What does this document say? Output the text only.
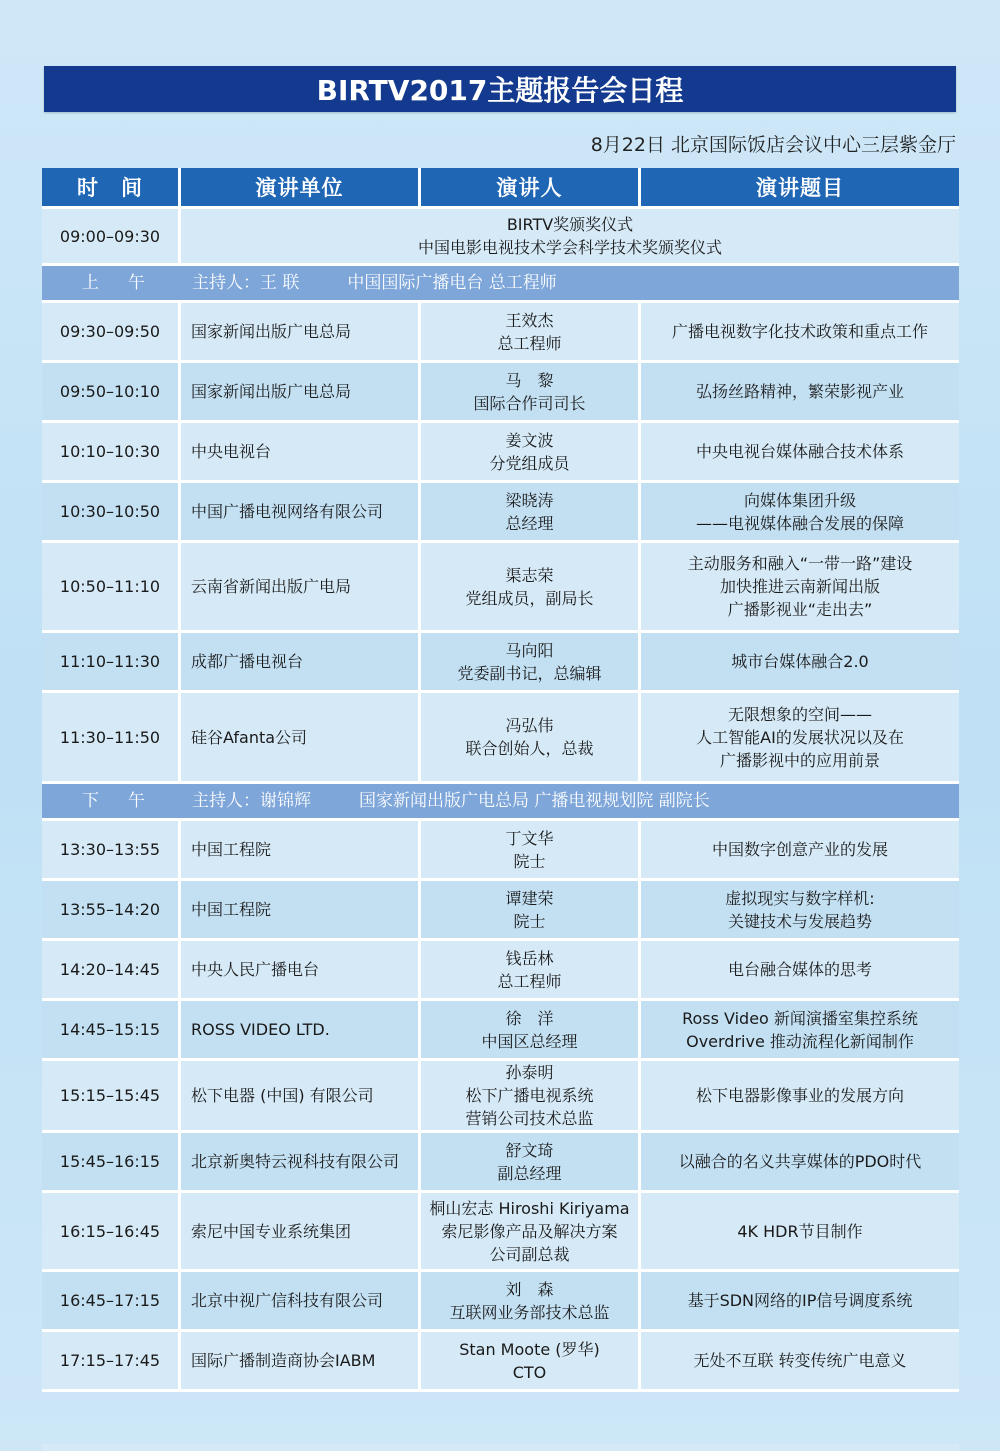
BIRTV2017主题报告会日程
8月22日 北京国际饭店会议中心三层紫金厅
时　间	演讲单位	演讲人	演讲题目
09:00–09:30	BIRTV奖颁奖仪式
中国电影电视技术学会科学技术奖颁奖仪式		

上　午 主持人：王 联 中国国际广播电台 总工程师			
09:30–09:50	国家新闻出版广电总局	王效杰
总工程师	广播电视数字化技术政策和重点工作

09:50–10:10	国家新闻出版广电总局	马　黎
国际合作司司长	弘扬丝路精神，繁荣影视产业

10:10–10:30	中央电视台	姜文波
分党组成员	中央电视台媒体融合技术体系

10:30–10:50	中国广播电视网络有限公司	梁晓涛
总经理	向媒体集团升级
——电视媒体融合发展的保障

10:50–11:10	云南省新闻出版广电局	渠志荣
党组成员，副局长	主动服务和融入“一带一路”建设
加快推进云南新闻出版
广播影视业“走出去”

11:10–11:30	成都广播电视台	马向阳
党委副书记，总编辑	城市台媒体融合2.0

11:30–11:50	硅谷Afanta公司	冯弘伟
联合创始人，总裁	无限想象的空间——
人工智能AI的发展状况以及在
广播影视中的应用前景

下　午 主持人：谢锦辉 国家新闻出版广电总局 广播电视规划院 副院长			
13:30–13:55	中国工程院	丁文华
院士	中国数字创意产业的发展

13:55–14:20	中国工程院	谭建荣
院士	虚拟现实与数字样机:
关键技术与发展趋势

14:20–14:45	中央人民广播电台	钱岳林
总工程师	电台融合媒体的思考

14:45–15:15	ROSS VIDEO LTD.	徐　洋
中国区总经理	Ross Video 新闻演播室集控系统
Overdrive 推动流程化新闻制作

15:15–15:45	松下电器 (中国) 有限公司	孙泰明
松下广播电视系统
营销公司技术总监	松下电器影像事业的发展方向

15:45–16:15	北京新奥特云视科技有限公司	舒文琦
副总经理	以融合的名义共享媒体的PDO时代

16:15–16:45	索尼中国专业系统集团	桐山宏志 Hiroshi Kiriyama
索尼影像产品及解决方案
公司副总裁	4K HDR节目制作

16:45–17:15	北京中视广信科技有限公司	刘　森
互联网业务部技术总监	基于SDN网络的IP信号调度系统

17:15–17:45	国际广播制造商协会IABM	Stan Moote (罗华)
CTO	无处不互联 转变传统广电意义
